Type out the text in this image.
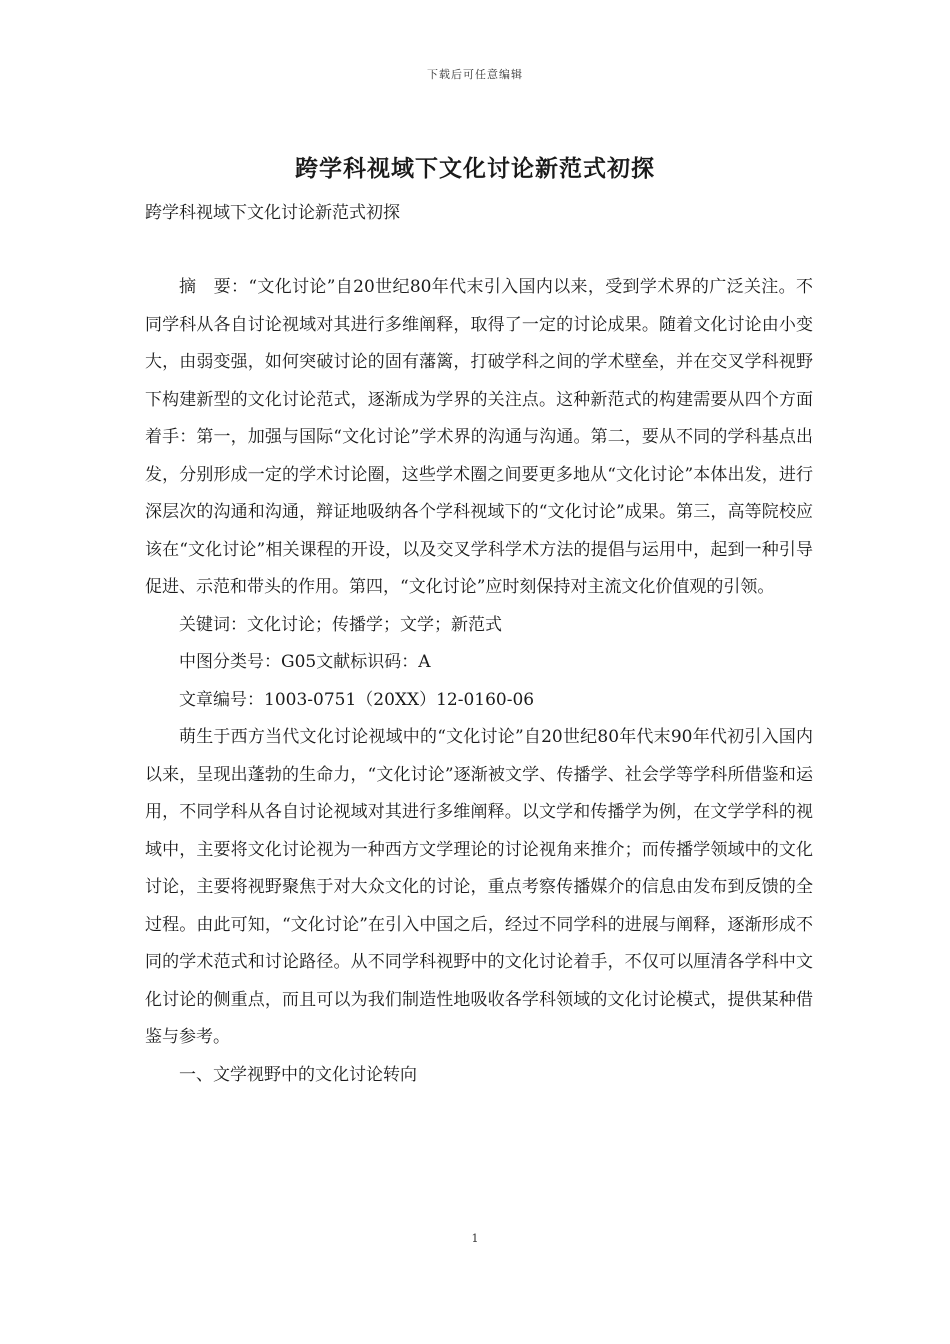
下载后可任意编辑
跨学科视域下文化讨论新范式初探
跨学科视域下文化讨论新范式初探

摘　要：“文化讨论”自20世纪80年代末引入国内以来，受到学术界的广泛关注。不同学科从各自讨论视域对其进行多维阐释，取得了一定的讨论成果。随着文化讨论由小变大，由弱变强，如何突破讨论的固有藩篱，打破学科之间的学术壁垒，并在交叉学科视野下构建新型的文化讨论范式，逐渐成为学界的关注点。这种新范式的构建需要从四个方面着手：第一，加强与国际“文化讨论”学术界的沟通与沟通。第二，要从不同的学科基点出发，分别形成一定的学术讨论圈，这些学术圈之间要更多地从“文化讨论”本体出发，进行深层次的沟通和沟通，辩证地吸纳各个学科视域下的“文化讨论”成果。第三，高等院校应该在“文化讨论”相关课程的开设，以及交叉学科学术方法的提倡与运用中，起到一种引导促进、示范和带头的作用。第四，“文化讨论”应时刻保持对主流文化价值观的引领。

关键词：文化讨论；传播学；文学；新范式

中图分类号：G05文献标识码：A

文章编号：1003-0751（20XX）12-0160-06

萌生于西方当代文化讨论视域中的“文化讨论”自20世纪80年代末90年代初引入国内以来，呈现出蓬勃的生命力，“文化讨论”逐渐被文学、传播学、社会学等学科所借鉴和运用，不同学科从各自讨论视域对其进行多维阐释。以文学和传播学为例，在文学学科的视域中，主要将文化讨论视为一种西方文学理论的讨论视角来推介；而传播学领域中的文化讨论，主要将视野聚焦于对大众文化的讨论，重点考察传播媒介的信息由发布到反馈的全过程。由此可知，“文化讨论”在引入中国之后，经过不同学科的进展与阐释，逐渐形成不同的学术范式和讨论路径。从不同学科视野中的文化讨论着手，不仅可以厘清各学科中文化讨论的侧重点，而且可以为我们制造性地吸收各学科领域的文化讨论模式，提供某种借鉴与参考。

一、文学视野中的文化讨论转向

1
